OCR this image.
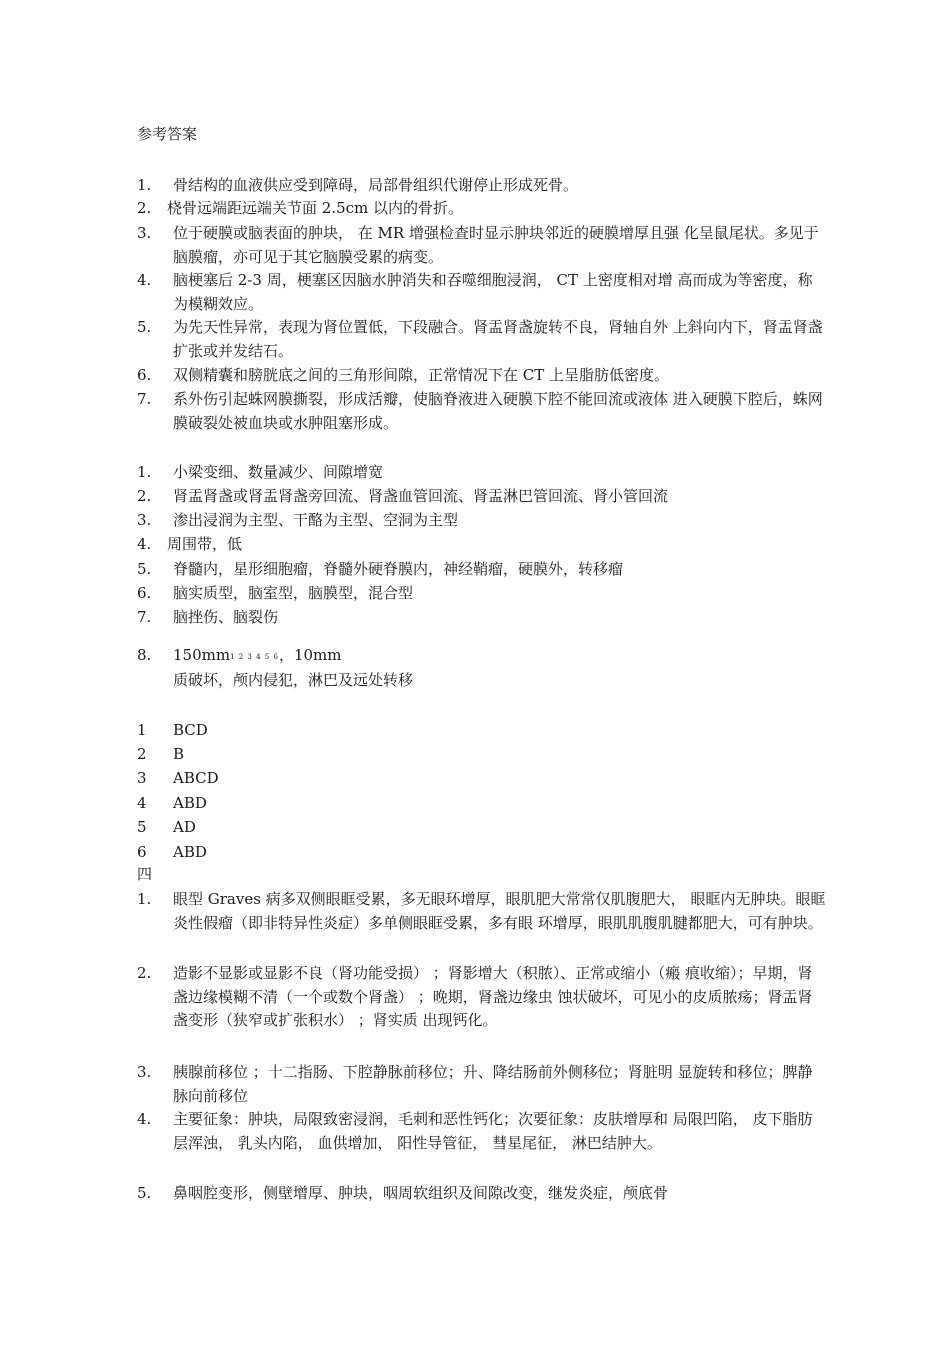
参考答案
1.	骨结构的血液供应受到障碍，局部骨组织代谢停止形成死骨。
2.	桡骨远端距远端关节面 2.5cm 以内的骨折。
3.	位于硬膜或脑表面的肿块， 在 MR 增强检查时显示肿块邻近的硬膜增厚且强 化呈鼠尾状。多见于脑膜瘤，亦可见于其它脑膜受累的病变。
4.	脑梗塞后 2-3 周，梗塞区因脑水肿消失和吞噬细胞浸润， CT 上密度相对增 高而成为等密度，称为模糊效应。
5.	为先天性异常，表现为肾位置低，下段融合。肾盂肾盏旋转不良，肾轴自外 上斜向内下，肾盂肾盏扩张或并发结石。
6.	双侧精囊和膀胱底之间的三角形间隙，正常情况下在 CT 上呈脂肪低密度。
7.	系外伤引起蛛网膜撕裂，形成活瓣，使脑脊液进入硬膜下腔不能回流或液体 进入硬膜下腔后，蛛网膜破裂处被血块或水肿阻塞形成。
1.	小梁变细、数量减少、间隙增宽
2.	肾盂肾盏或肾盂肾盏旁回流、肾盏血管回流、肾盂淋巴管回流、肾小管回流
3.	渗出浸润为主型、干酪为主型、空洞为主型
4.	周围带，低
5.	脊髓内，星形细胞瘤，脊髓外硬脊膜内，神经鞘瘤，硬膜外，转移瘤
6.	脑实质型，脑室型，脑膜型，混合型
7.	脑挫伤、脑裂伤
8.	150mm1 2 3 4 5 6，10mm
质破坏，颅内侵犯，淋巴及远处转移
1 BCD
2 B
3 ABCD
4 ABD
5 AD
6 ABD
四
1.	眼型 Graves 病多双侧眼眶受累，多无眼环增厚，眼肌肥大常常仅肌腹肥大， 眼眶内无肿块。眼眶炎性假瘤（即非特异性炎症）多单侧眼眶受累，多有眼 环增厚，眼肌肌腹肌腱都肥大，可有肿块。
2.	造影不显影或显影不良（肾功能受损） ；肾影增大（积脓）、正常或缩小（瘢 痕收缩）；早期，肾盏边缘模糊不清（一个或数个肾盏） ；晚期，肾盏边缘虫 蚀状破坏，可见小的皮质脓疡；肾盂肾盏变形（狭窄或扩张积水） ；肾实质 出现钙化。
3.	胰腺前移位 ；十二指肠、下腔静脉前移位；升、降结肠前外侧移位；肾脏明 显旋转和移位；脾静脉向前移位
4.	主要征象：肿块，局限致密浸润，毛刺和恶性钙化；次要征象：皮肤增厚和 局限凹陷， 皮下脂肪层浑浊， 乳头内陷， 血供增加， 阳性导管征， 彗星尾征， 淋巴结肿大。
5.	鼻咽腔变形，侧壁增厚、肿块，咽周软组织及间隙改变，继发炎症，颅底骨
